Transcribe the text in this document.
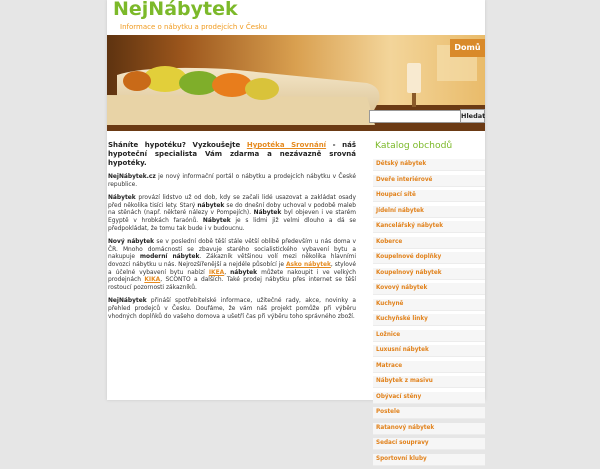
NejNábytek
Informace o nábytku a prodejcích v Česku
Domů
Hledat

Sháníte hypotéku? Vyzkoušejte Hypotéka Srovnání - náš hypoteční specialista Vám zdarma a nezávazně srovná hypotéky.

NejNábytek.cz je nový informační portál o nábytku a prodejcích nábytku v České republice.

Nábytek provází lidstvo už od dob, kdy se začali lidé usazovat a zakládat osady před několika tisíci lety. Starý nábytek se do dnešní doby uchoval v podobě maleb na stěnách (např. některé nálezy v Pompejích). Nábytek byl objeven i ve starém Egyptě v hrobkách faraónů. Nábytek je s lidmi již velmi dlouho a dá se předpokládat, že tomu tak bude i v budoucnu.

Nový nábytek se v poslední době těší stále větší oblibě především u nás doma v ČR. Mnoho domácností se zbavuje starého socialistického vybavení bytu a nakupuje moderní nábytek. Zákazník většinou volí mezi několika hlavními dovozci nábytku u nás. Nejrozšířenější a nejdéle působící je Asko nábytek, stylové a účelné vybavení bytu nabízí IKEA, nábytek můžete nakoupit i ve velkých prodejnách KIKA, SCONTO a dalších. Také prodej nábytku přes internet se těší rostoucí pozornosti zákazníků.

NejNábytek přináší spotřebitelské informace, užitečné rady, akce, novinky a přehled prodejců v Česku. Doufáme, že vám náš projekt pomůže při výběru vhodných doplňků do vašeho domova a ušetří čas při výběru toho správného zboží.

Katalog obchodů
Dětský nábytek
Dveře interiérové
Houpací sítě
Jídelní nábytek
Kancelářský nábytek
Koberce
Koupelnové doplňky
Koupelnový nábytek
Kovový nábytek
Kuchyně
Kuchyňské linky
Ložnice
Luxusní nábytek
Matrace
Nábytek z masivu
Obývací stěny
Postele
Ratanový nábytek
Sedací soupravy
Sportovní kluby
